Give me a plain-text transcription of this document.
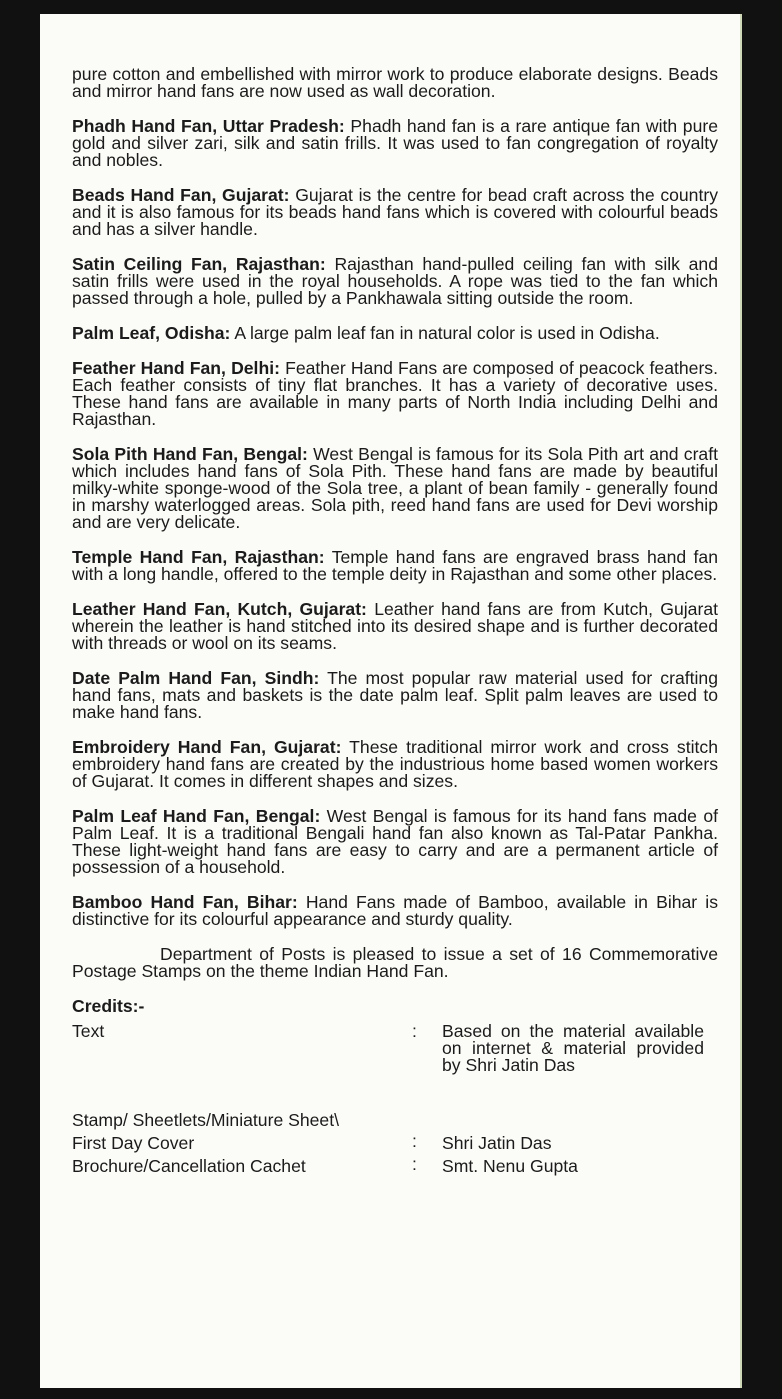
pure cotton and embellished with mirror work to produce elaborate designs. Beads and mirror hand fans are now used as wall decoration.

Phadh Hand Fan, Uttar Pradesh: Phadh hand fan is a rare antique fan with pure gold and silver zari, silk and satin frills. It was used to fan congregation of royalty and nobles.

Beads Hand Fan, Gujarat: Gujarat is the centre for bead craft across the country and it is also famous for its beads hand fans which is covered with colourful beads and has a silver handle.

Satin Ceiling Fan, Rajasthan: Rajasthan hand-pulled ceiling fan with silk and satin frills were used in the royal households. A rope was tied to the fan which passed through a hole, pulled by a Pankhawala sitting outside the room.

Palm Leaf, Odisha: A large palm leaf fan in natural color is used in Odisha.

Feather Hand Fan, Delhi: Feather Hand Fans are composed of peacock feathers. Each feather consists of tiny flat branches. It has a variety of decorative uses. These hand fans are available in many parts of North India including Delhi and Rajasthan.

Sola Pith Hand Fan, Bengal: West Bengal is famous for its Sola Pith art and craft which includes hand fans of Sola Pith. These hand fans are made by beautiful milky-white sponge-wood of the Sola tree, a plant of bean family - generally found in marshy waterlogged areas. Sola pith, reed hand fans are used for Devi worship and are very delicate.

Temple Hand Fan, Rajasthan: Temple hand fans are engraved brass hand fan with a long handle, offered to the temple deity in Rajasthan and some other places.

Leather Hand Fan, Kutch, Gujarat: Leather hand fans are from Kutch, Gujarat wherein the leather is hand stitched into its desired shape and is further decorated with threads or wool on its seams.

Date Palm Hand Fan, Sindh: The most popular raw material used for crafting hand fans, mats and baskets is the date palm leaf. Split palm leaves are used to make hand fans.

Embroidery Hand Fan, Gujarat: These traditional mirror work and cross stitch embroidery hand fans are created by the industrious home based women workers of Gujarat. It comes in different shapes and sizes.

Palm Leaf Hand Fan, Bengal: West Bengal is famous for its hand fans made of Palm Leaf. It is a traditional Bengali hand fan also known as Tal-Patar Pankha. These light-weight hand fans are easy to carry and are a permanent article of possession of a household.

Bamboo Hand Fan, Bihar: Hand Fans made of Bamboo, available in Bihar is distinctive for its colourful appearance and sturdy quality.

Department of Posts is pleased to issue a set of 16 Commemorative Postage Stamps on the theme Indian Hand Fan.

Credits:-
Text	:	Based on the material available on internet & material provided by Shri Jatin Das
Stamp/ Sheetlets/Miniature Sheet\
First Day Cover	:	Shri Jatin Das
Brochure/Cancellation Cachet	:	Smt. Nenu Gupta
